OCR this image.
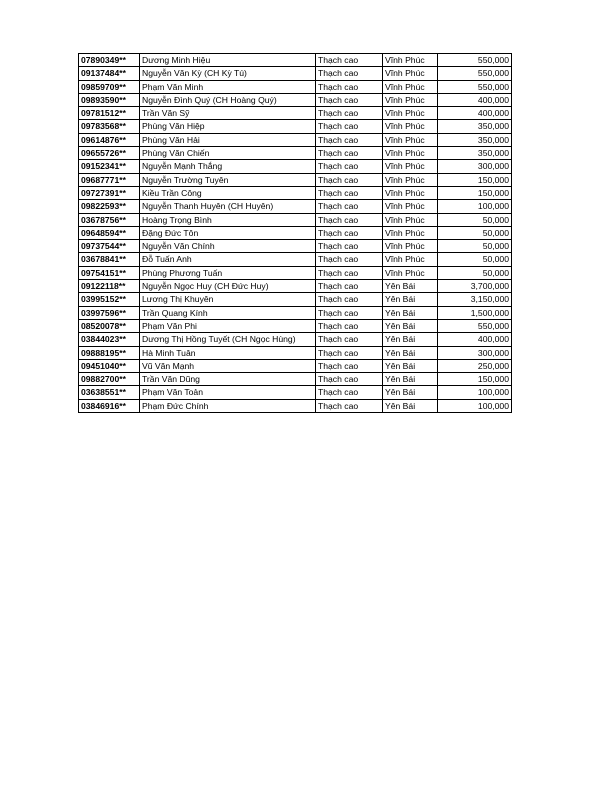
07890349**	Dương Minh Hiệu	Thạch cao	Vĩnh Phúc	550,000
09137484**	Nguyễn Văn Kỳ (CH Kỳ Tú)	Thạch cao	Vĩnh Phúc	550,000
09859709**	Phạm Văn Minh	Thạch cao	Vĩnh Phúc	550,000
09893590**	Nguyễn Đình Quý (CH Hoàng Quý)	Thạch cao	Vĩnh Phúc	400,000
09781512**	Trần Văn Sỹ	Thạch cao	Vĩnh Phúc	400,000
09783568**	Phùng Văn Hiệp	Thạch cao	Vĩnh Phúc	350,000
09614876**	Phùng Văn Hải	Thạch cao	Vĩnh Phúc	350,000
09655726**	Phùng Văn Chiến	Thạch cao	Vĩnh Phúc	350,000
09152341**	Nguyễn Mạnh Thắng	Thạch cao	Vĩnh Phúc	300,000
09687771**	Nguyễn Trường Tuyên	Thạch cao	Vĩnh Phúc	150,000
09727391**	Kiều Trần Công	Thạch cao	Vĩnh Phúc	150,000
09822593**	Nguyễn Thanh Huyên (CH Huyên)	Thạch cao	Vĩnh Phúc	100,000
03678756**	Hoàng Trọng Bình	Thạch cao	Vĩnh Phúc	50,000
09648594**	Đặng Đức Tôn	Thạch cao	Vĩnh Phúc	50,000
09737544**	Nguyễn Văn Chính	Thạch cao	Vĩnh Phúc	50,000
03678841**	Đỗ Tuấn Anh	Thạch cao	Vĩnh Phúc	50,000
09754151**	Phùng Phương Tuấn	Thạch cao	Vĩnh Phúc	50,000
09122118**	Nguyễn Ngọc Huy (CH Đức Huy)	Thạch cao	Yên Bái	3,700,000
03995152**	Lương Thị Khuyên	Thạch cao	Yên Bái	3,150,000
03997596**	Trần Quang Kính	Thạch cao	Yên Bái	1,500,000
08520078**	Phạm Văn Phi	Thạch cao	Yên Bái	550,000
03844023**	Dương Thị Hồng Tuyết (CH Ngọc Hùng)	Thạch cao	Yên Bái	400,000
09888195**	Hà Minh Tuân	Thạch cao	Yên Bái	300,000
09451040**	Vũ Văn Mạnh	Thạch cao	Yên Bái	250,000
09882700**	Trần Văn Dũng	Thạch cao	Yên Bái	150,000
03638551**	Phạm Văn Toản	Thạch cao	Yên Bái	100,000
03846916**	Phạm Đức Chính	Thạch cao	Yên Bái	100,000
